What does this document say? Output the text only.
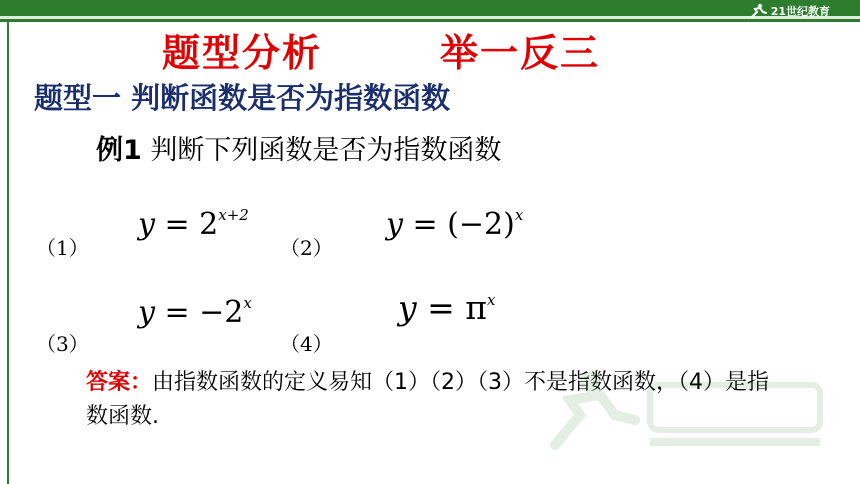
21世纪教育
题型分析	举一反三
题型一 判断函数是否为指数函数
例1 判断下列函数是否为指数函数
（1）
$y = 2^{x+2}$
（2）
$y = (-2)^x$
（3）
$y = -2^x$
（4）
$y = \pi^x$
答案：由指数函数的定义易知（1）（2）（3）不是指数函数，（4）是指数函数.
